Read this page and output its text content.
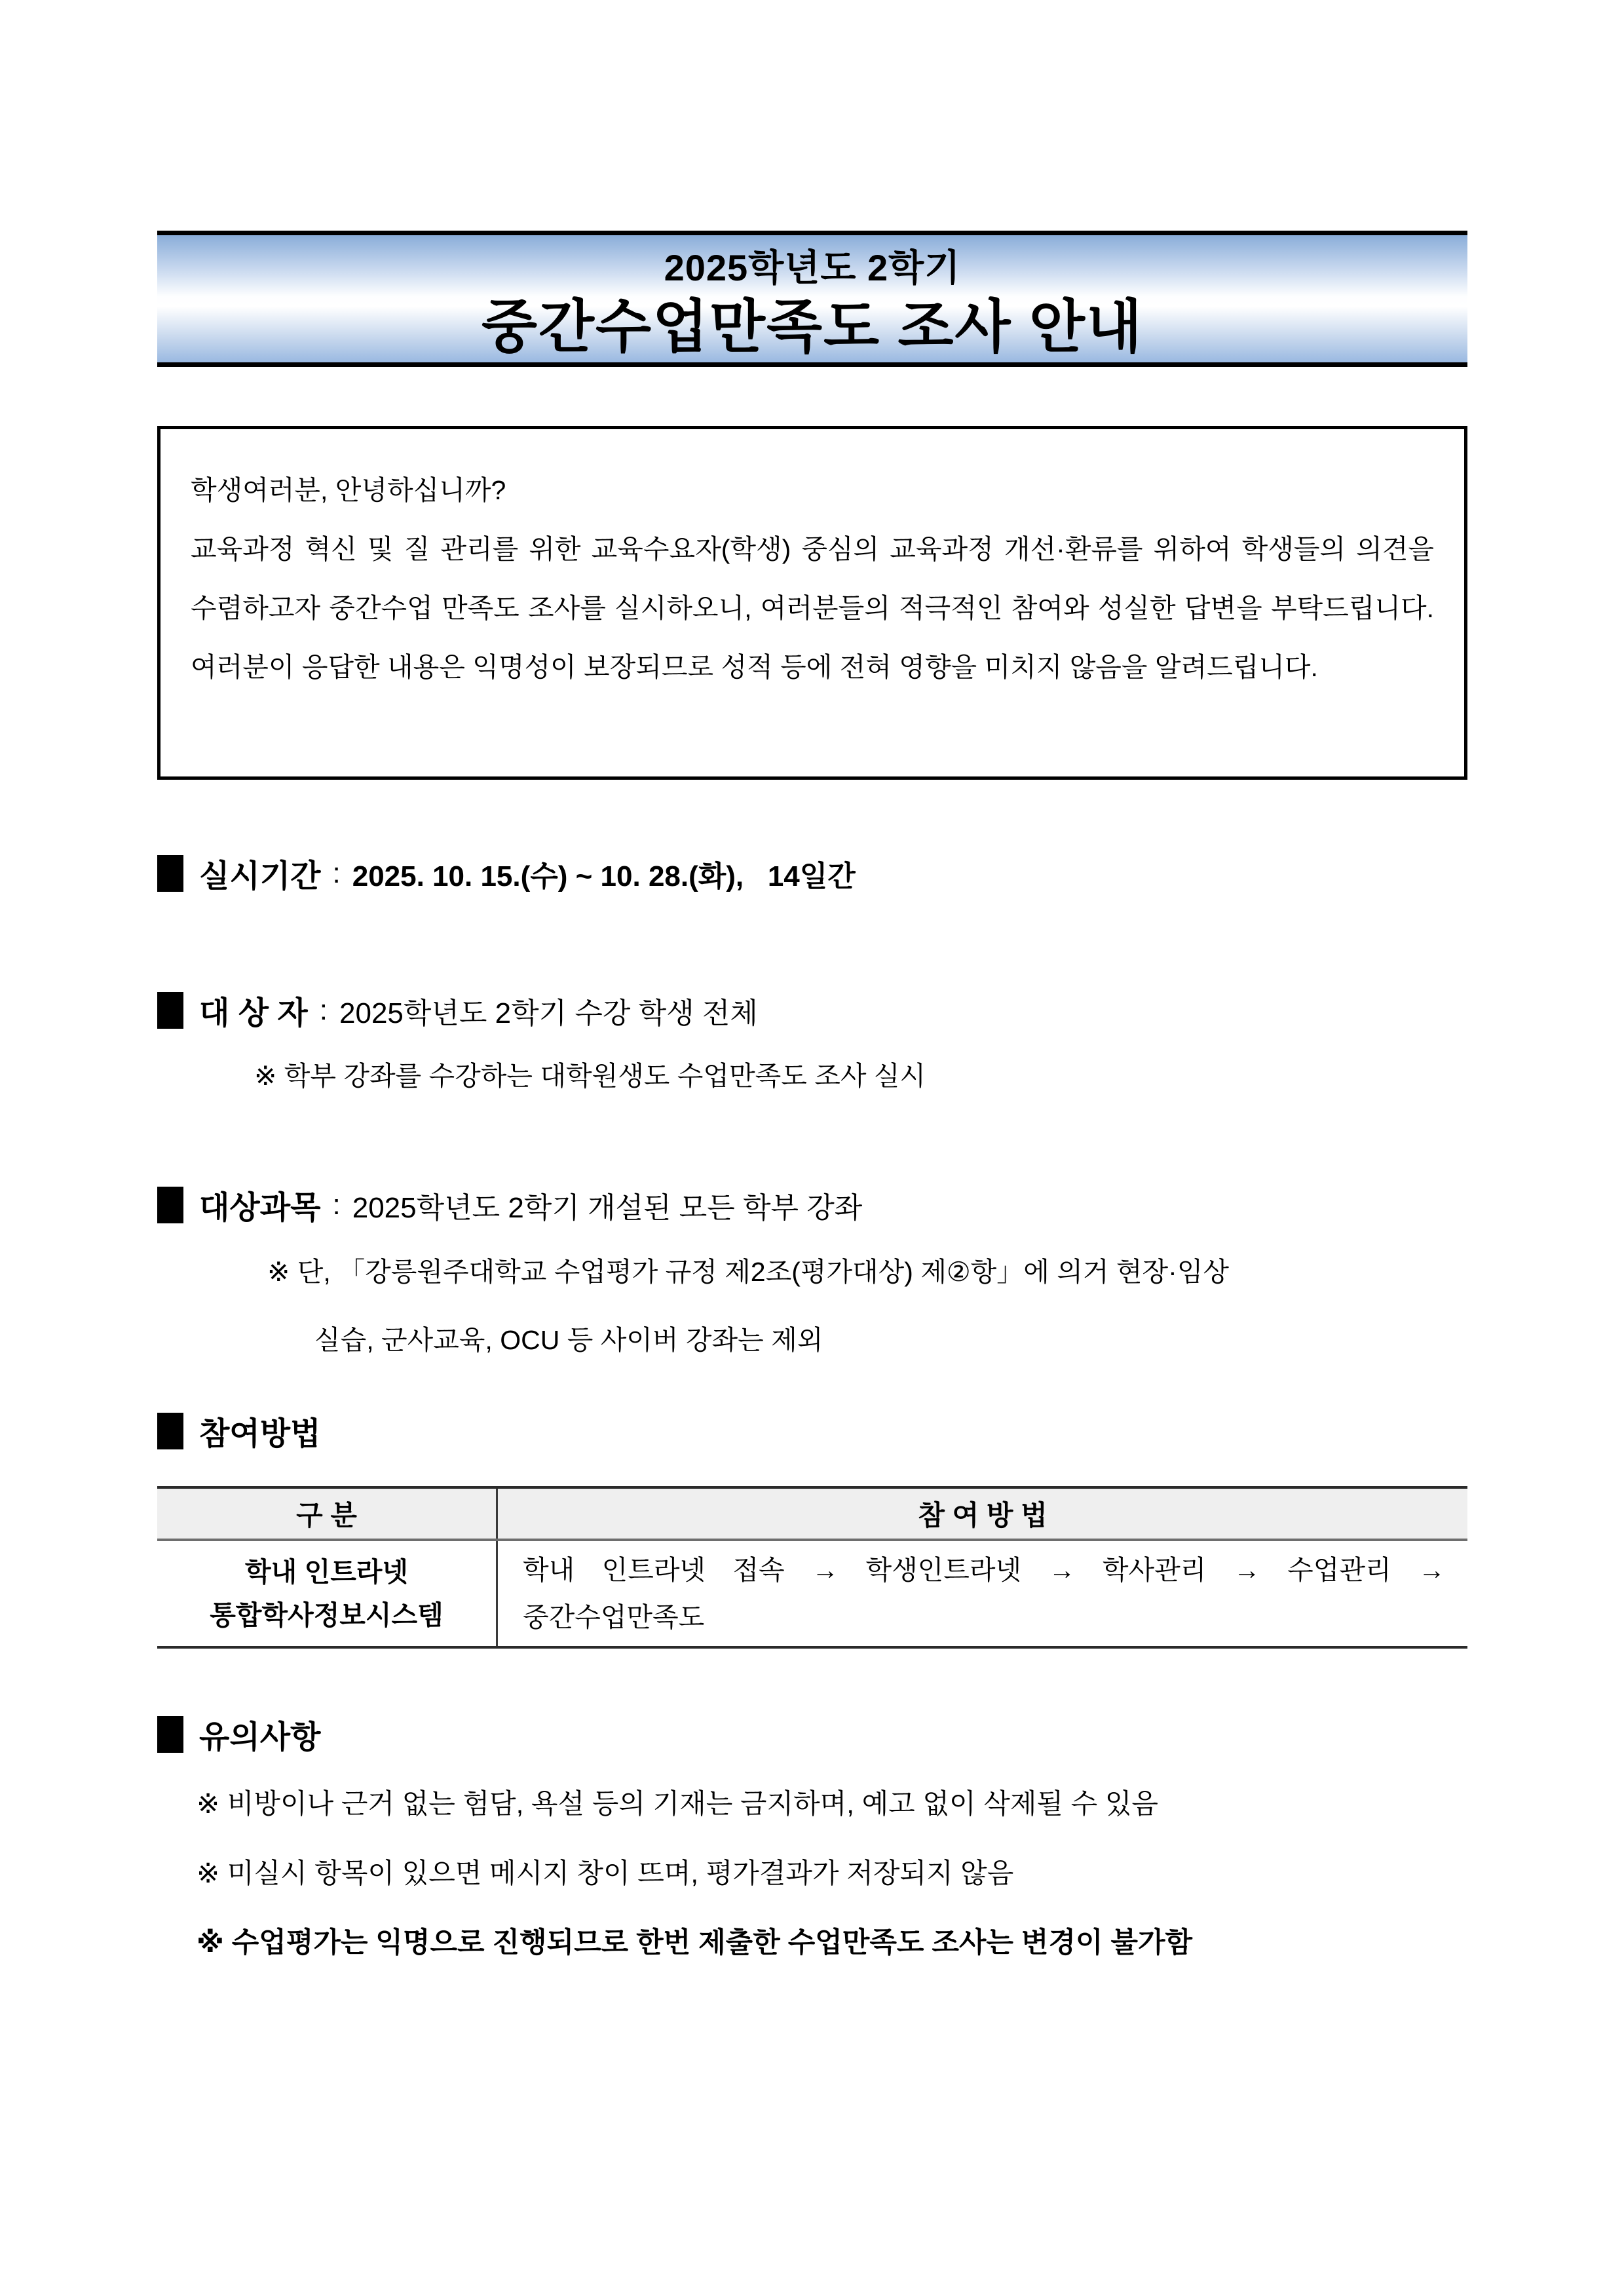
2025학년도 2학기
중간수업만족도 조사 안내

학생여러분, 안녕하십니까?

교육과정 혁신 및 질 관리를 위한 교육수요자(학생) 중심의 교육과정 개선·환류를 위하여 학생들의 의견을 수렴하고자 중간수업 만족도 조사를 실시하오니, 여러분들의 적극적인 참여와 성실한 답변을 부탁드립니다. 여러분이 응답한 내용은 익명성이 보장되므로 성적 등에 전혀 영향을 미치지 않음을 알려드립니다.

실시기간 : 2025. 10. 15.(수) ~ 10. 28.(화),   14일간
대 상 자 : 2025학년도 2학기 수강 학생 전체
※ 학부 강좌를 수강하는 대학원생도 수업만족도 조사 실시
대상과목 : 2025학년도 2학기 개설된 모든 학부 강좌
※ 단, 「강릉원주대학교 수업평가 규정 제2조(평가대상) 제②항」에 의거 현장·임상
실습, 군사교육, OCU 등 사이버 강좌는 제외
참여방법
구 분	참 여 방 법
학내 인트라넷
통합학사정보시스템
학내 인트라넷 접속 → 학생인트라넷 → 학사관리 → 수업관리 → 중간수업만족도
유의사항
※ 비방이나 근거 없는 험담, 욕설 등의 기재는 금지하며, 예고 없이 삭제될 수 있음
※ 미실시 항목이 있으면 메시지 창이 뜨며, 평가결과가 저장되지 않음
※ 수업평가는 익명으로 진행되므로 한번 제출한 수업만족도 조사는 변경이 불가함
